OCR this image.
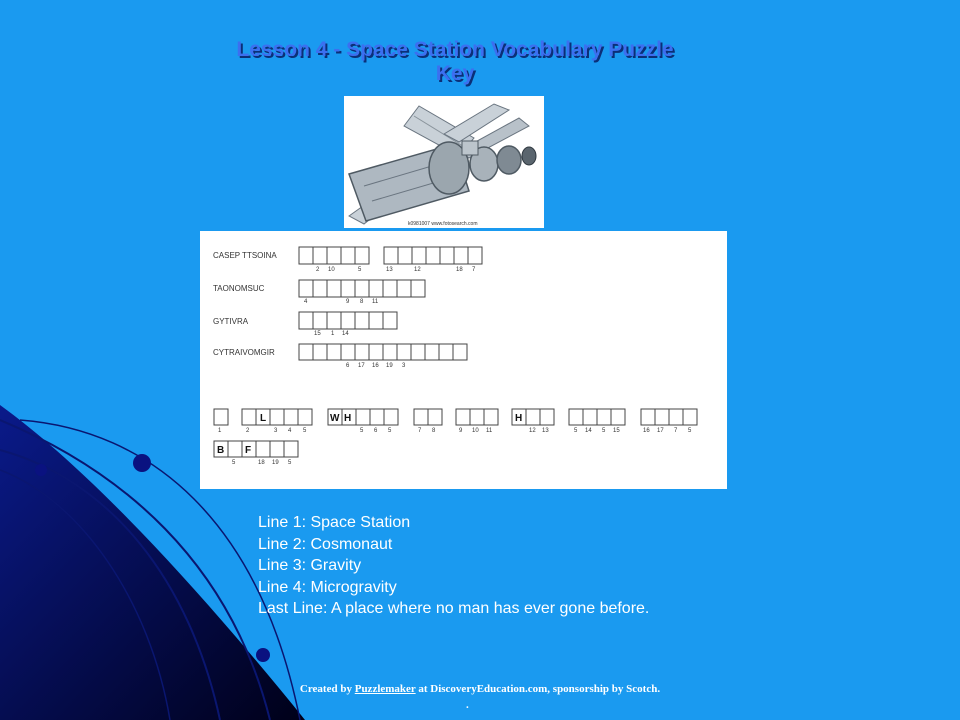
Lesson 4 - Space Station Vocabulary Puzzle
Key
k0981007 www.fotosearch.com
CASEP TTSOINA
2 10	5	13	12	18 7
TAONOMSUC
4	9 8 11
GYTIVRA
15 1 14
CYTRAIVOMGIR
6 17 16 19 3
L	W H	H
1	2	3 4 5	5 6 5	7 8	9 10 11	12 13	5 14 5 15	16 17 7 5
B F
5	18 19 5
Line 1: Space Station
Line 2: Cosmonaut
Line 3: Gravity
Line 4: Microgravity
Last Line: A place where no man has ever gone before.
Created by Puzzlemaker at DiscoveryEducation.com, sponsorship by Scotch.
.
